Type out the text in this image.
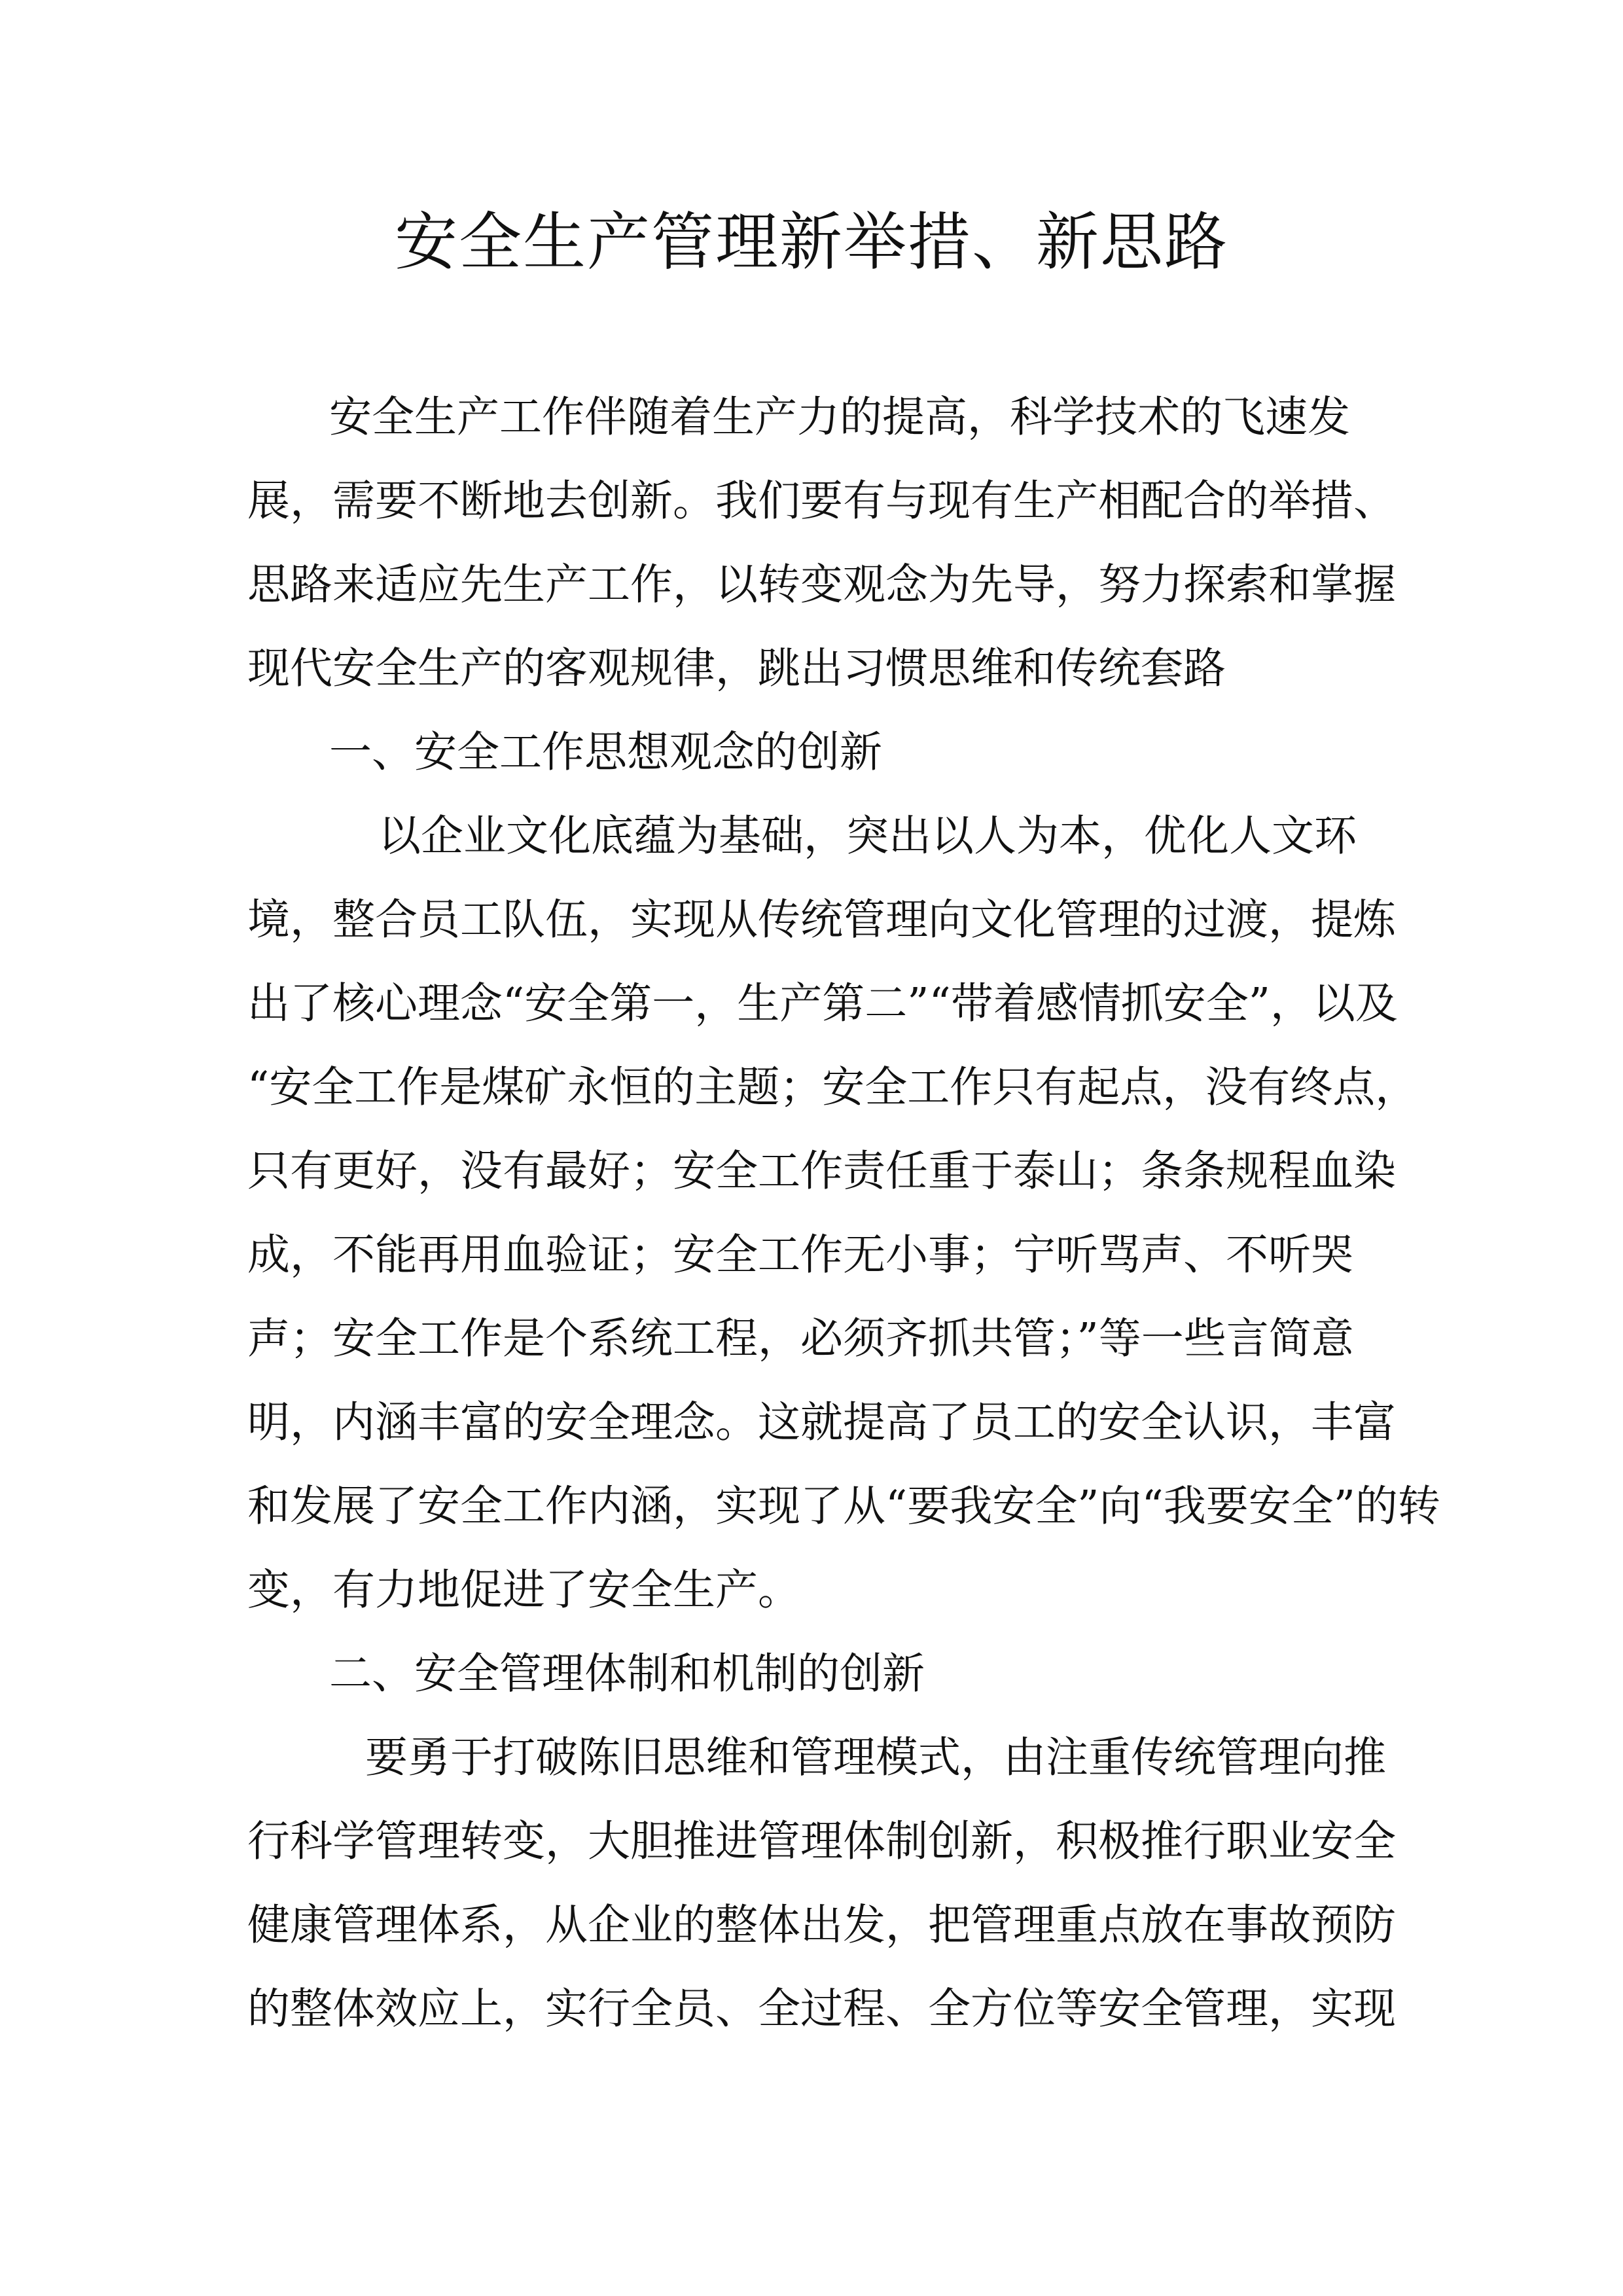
安全生产管理新举措、新思路
安全生产工作伴随着生产力的提高，科学技术的飞速发
展，需要不断地去创新。我们要有与现有生产相配合的举措、
思路来适应先生产工作，以转变观念为先导，努力探索和掌握
现代安全生产的客观规律，跳出习惯思维和传统套路
一、安全工作思想观念的创新
以企业文化底蕴为基础，突出以人为本，优化人文环
境，整合员工队伍，实现从传统管理向文化管理的过渡，提炼
出了核心理念“安全第一，生产第二”“带着感情抓安全”，以及
“安全工作是煤矿永恒的主题；安全工作只有起点，没有终点，
只有更好，没有最好；安全工作责任重于泰山；条条规程血染
成，不能再用血验证；安全工作无小事；宁听骂声、不听哭
声；安全工作是个系统工程，必须齐抓共管；”等一些言简意
明，内涵丰富的安全理念。这就提高了员工的安全认识，丰富
和发展了安全工作内涵，实现了从“要我安全”向“我要安全”的转
变，有力地促进了安全生产。
二、安全管理体制和机制的创新
要勇于打破陈旧思维和管理模式，由注重传统管理向推
行科学管理转变，大胆推进管理体制创新，积极推行职业安全
健康管理体系，从企业的整体出发，把管理重点放在事故预防
的整体效应上，实行全员、全过程、全方位等安全管理，实现
